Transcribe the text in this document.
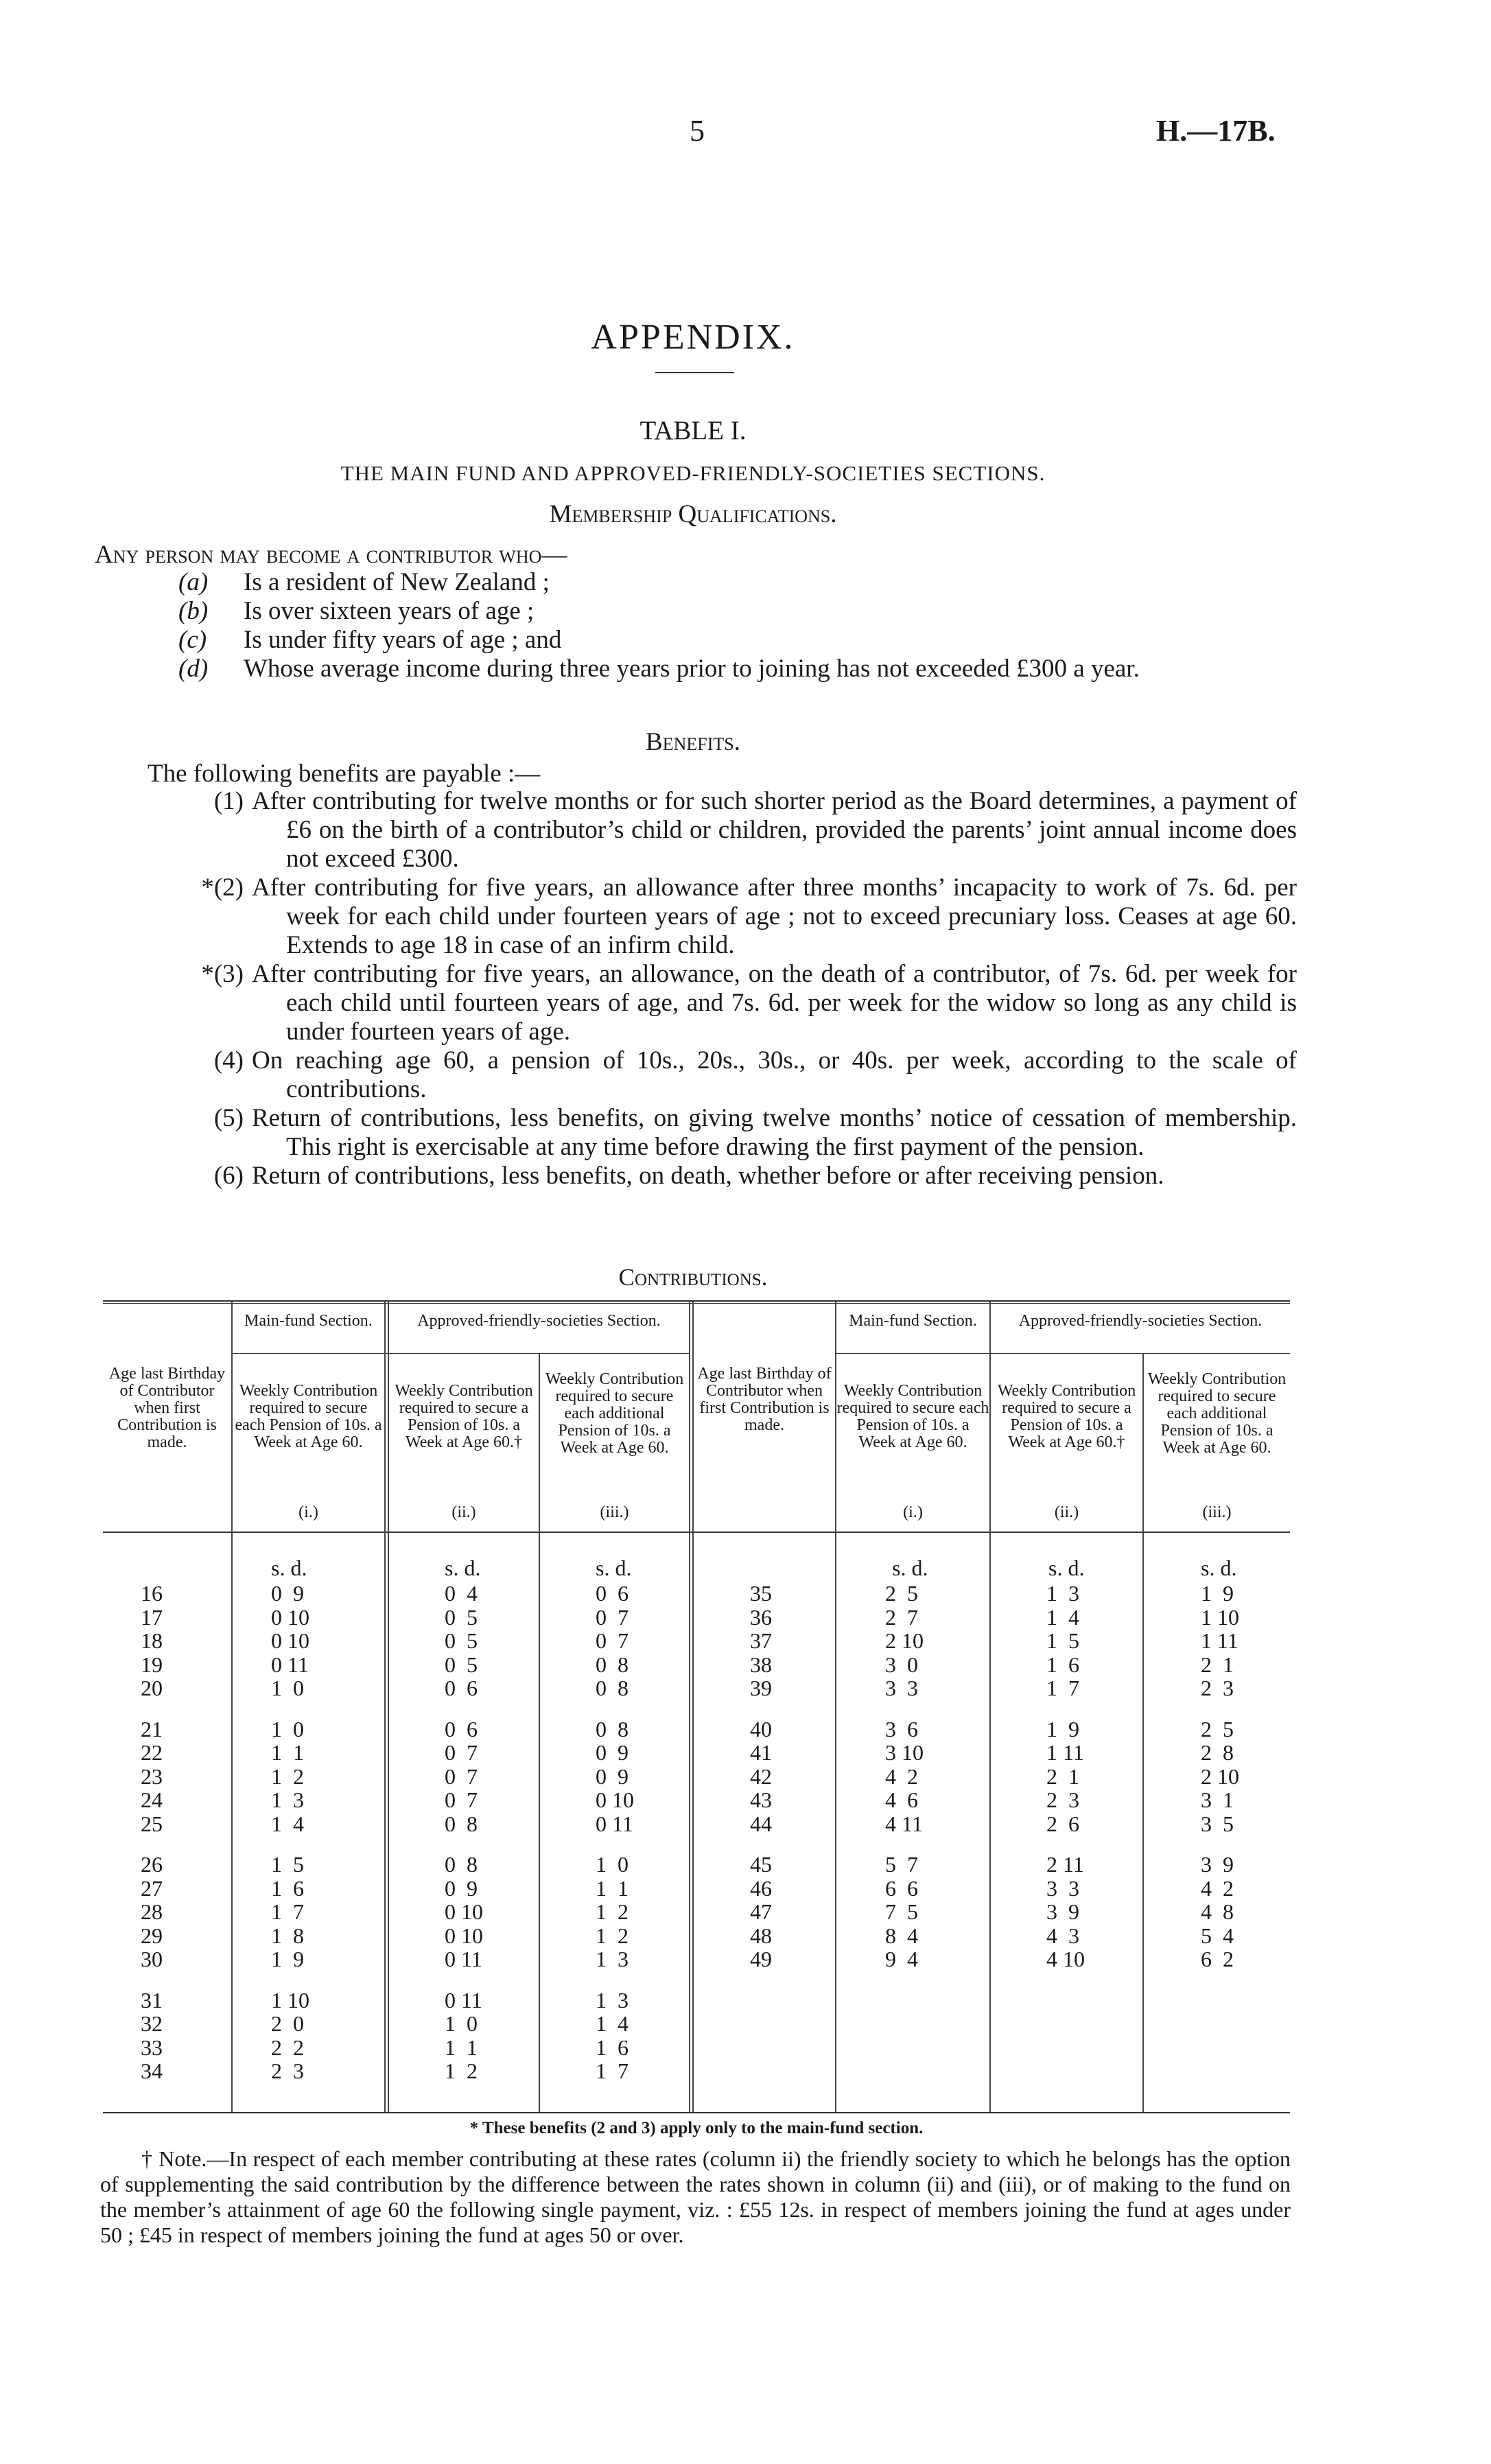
5	H.—17B.
APPENDIX.
TABLE I.
THE MAIN FUND AND APPROVED-FRIENDLY-SOCIETIES SECTIONS.
Membership Qualifications.
Any person may become a contributor who—

(a) Is a resident of New Zealand ;

(b) Is over sixteen years of age ;

(c) Is under fifty years of age ; and

(d) Whose average income during three years prior to joining has not exceeded £300 a year.

Benefits.
The following benefits are payable :—
(1) After contributing for twelve months or for such shorter period as the Board determines, a payment of £6 on the birth of a contributor’s child or children, provided the parents’ joint annual income does not exceed £300.
*(2) After contributing for five years, an allowance after three months’ incapacity to work of 7s. 6d. per week for each child under fourteen years of age ; not to exceed precuniary loss. Ceases at age 60. Extends to age 18 in case of an infirm child.
*(3) After contributing for five years, an allowance, on the death of a contributor, of 7s. 6d. per week for each child until fourteen years of age, and 7s. 6d. per week for the widow so long as any child is under fourteen years of age.
(4) On reaching age 60, a pension of 10s., 20s., 30s., or 40s. per week, according to the scale of contributions.
(5) Return of contributions, less benefits, on giving twelve months’ notice of cessation of membership. This right is exercisable at any time before drawing the first payment of the pension.
(6) Return of contributions, less benefits, on death, whether before or after receiving pension.
Contributions.
Age last Birthday of Contributor when first Contribution is made.
Main-fund Section.	Approved-friendly-societies Section.
Weekly Contribution required to secure each Pension of 10s. a Week at Age 60.
Weekly Contribution required to secure a Pension of 10s. a Week at Age 60.†
Weekly Contribution required to secure each additional Pension of 10s. a Week at Age 60.
(i.)	(ii.)	(iii.)
Age last Birthday of Contributor when first Contribution is made.
Main-fund Section.	Approved-friendly-societies Section.
Weekly Contribution required to secure each Pension of 10s. a Week at Age 60.
Weekly Contribution required to secure a Pension of 10s. a Week at Age 60.†
Weekly Contribution required to secure each additional Pension of 10s. a Week at Age 60.
(i.)	(ii.)	(iii.)
s. d.	s. d.	s. d.	s. d.	s. d.	s. d.
16	0  9	0  4	0  6
17	0 10	0  5	0  7
18	0 10	0  5	0  7
19	0 11	0  5	0  8
20	1  0	0  6	0  8
21	1  0	0  6	0  8
22	1  1	0  7	0  9
23	1  2	0  7	0  9
24	1  3	0  7	0 10
25	1  4	0  8	0 11
26	1  5	0  8	1  0
27	1  6	0  9	1  1
28	1  7	0 10	1  2
29	1  8	0 10	1  2
30	1  9	0 11	1  3
31	1 10	0 11	1  3
32	2  0	1  0	1  4
33	2  2	1  1	1  6
34	2  3	1  2	1  7
35	2  5	1  3	1  9
36	2  7	1  4	1 10
37	2 10	1  5	1 11
38	3  0	1  6	2  1
39	3  3	1  7	2  3
40	3  6	1  9	2  5
41	3 10	1 11	2  8
42	4  2	2  1	2 10
43	4  6	2  3	3  1
44	4 11	2  6	3  5
45	5  7	2 11	3  9
46	6  6	3  3	4  2
47	7  5	3  9	4  8
48	8  4	4  3	5  4
49	9  4	4 10	6  2
* These benefits (2 and 3) apply only to the main-fund section.
† Note.—In respect of each member contributing at these rates (column ii) the friendly society to which he belongs has the option of supplementing the said contribution by the difference between the rates shown in column (ii) and (iii), or of making to the fund on the member’s attainment of age 60 the following single payment, viz. : £55 12s. in respect of members joining the fund at ages under 50 ; £45 in respect of members joining the fund at ages 50 or over.
